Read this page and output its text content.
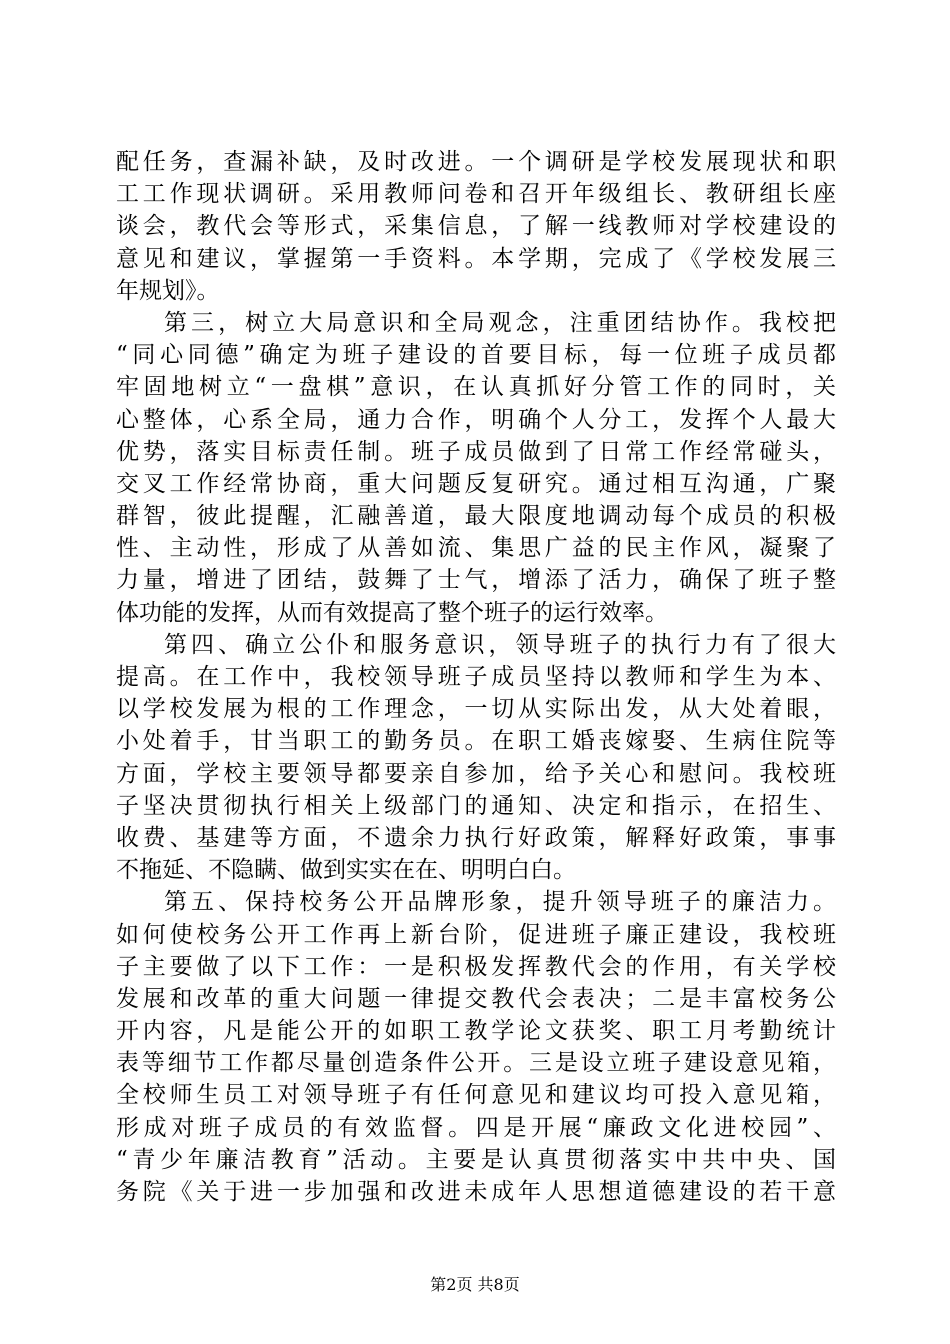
配任务，查漏补缺，及时改进。一个调研是学校发展现状和职
工工作现状调研。采用教师问卷和召开年级组长、教研组长座
谈会，教代会等形式，采集信息，了解一线教师对学校建设的
意见和建议，掌握第一手资料。本学期，完成了《学校发展三
年规划》。
第三，树立大局意识和全局观念，注重团结协作。我校把
“同心同德”确定为班子建设的首要目标，每一位班子成员都
牢固地树立“一盘棋”意识，在认真抓好分管工作的同时，关
心整体，心系全局，通力合作，明确个人分工，发挥个人最大
优势，落实目标责任制。班子成员做到了日常工作经常碰头，
交叉工作经常协商，重大问题反复研究。通过相互沟通，广聚
群智，彼此提醒，汇融善道，最大限度地调动每个成员的积极
性、主动性，形成了从善如流、集思广益的民主作风，凝聚了
力量，增进了团结，鼓舞了士气，增添了活力，确保了班子整
体功能的发挥，从而有效提高了整个班子的运行效率。
第四、确立公仆和服务意识，领导班子的执行力有了很大
提高。在工作中，我校领导班子成员坚持以教师和学生为本、
以学校发展为根的工作理念，一切从实际出发，从大处着眼，
小处着手，甘当职工的勤务员。在职工婚丧嫁娶、生病住院等
方面，学校主要领导都要亲自参加，给予关心和慰问。我校班
子坚决贯彻执行相关上级部门的通知、决定和指示，在招生、
收费、基建等方面，不遗余力执行好政策，解释好政策，事事
不拖延、不隐瞒、做到实实在在、明明白白。
第五、保持校务公开品牌形象，提升领导班子的廉洁力。
如何使校务公开工作再上新台阶，促进班子廉正建设，我校班
子主要做了以下工作：一是积极发挥教代会的作用，有关学校
发展和改革的重大问题一律提交教代会表决；二是丰富校务公
开内容，凡是能公开的如职工教学论文获奖、职工月考勤统计
表等细节工作都尽量创造条件公开。三是设立班子建设意见箱，
全校师生员工对领导班子有任何意见和建议均可投入意见箱，
形成对班子成员的有效监督。四是开展“廉政文化进校园”、
“青少年廉洁教育”活动。主要是认真贯彻落实中共中央、国
务院《关于进一步加强和改进未成年人思想道德建设的若干意
第2页 共8页
